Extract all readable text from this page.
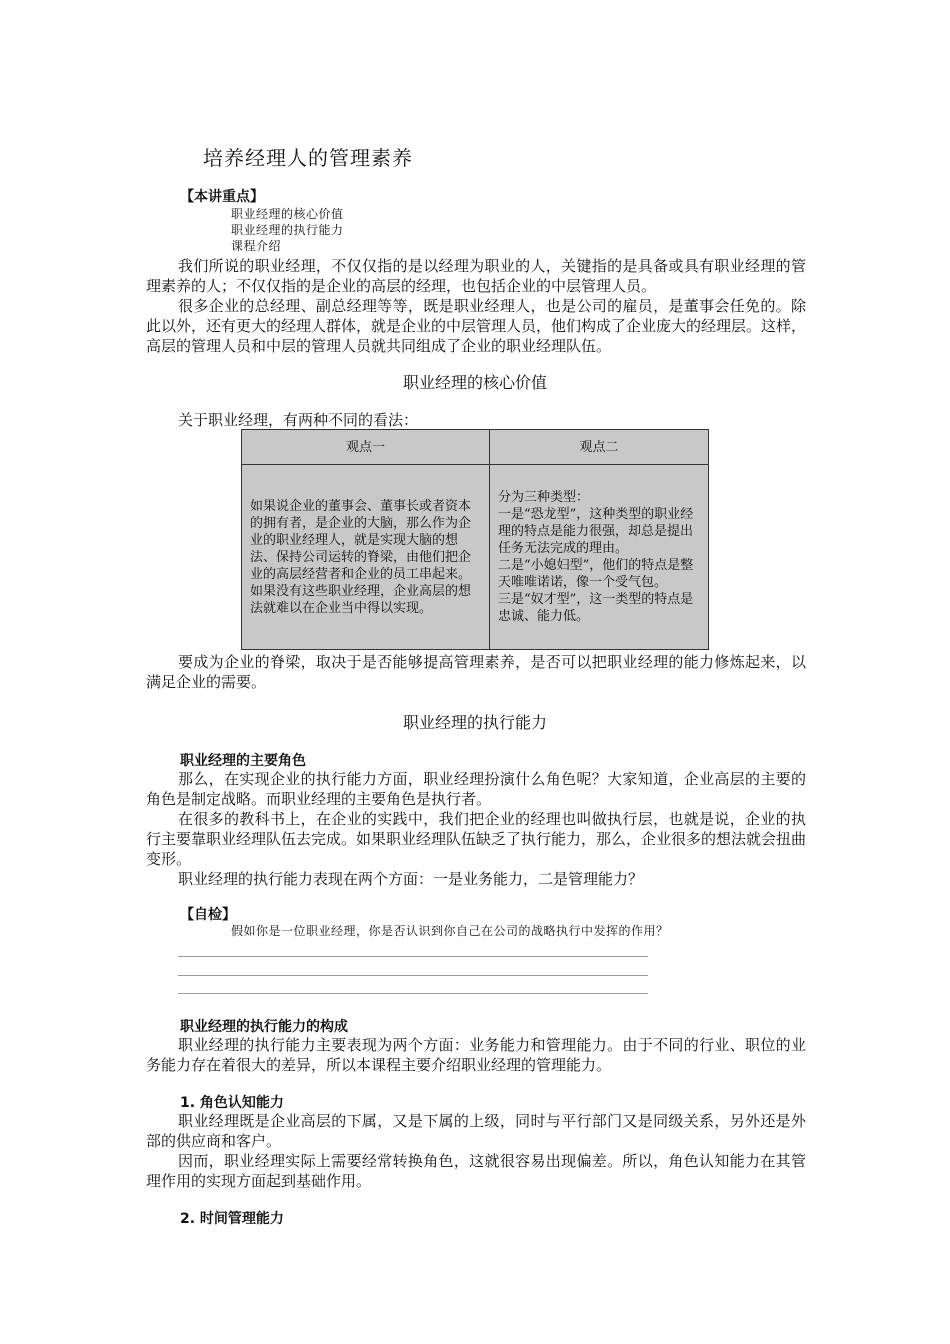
培养经理人的管理素养
【本讲重点】
职业经理的核心价值
职业经理的执行能力
课程介绍

我们所说的职业经理，不仅仅指的是以经理为职业的人，关键指的是具备或具有职业经理的管理素养的人；不仅仅指的是企业的高层的经理，也包括企业的中层管理人员。

很多企业的总经理、副总经理等等，既是职业经理人，也是公司的雇员，是董事会任免的。除此以外，还有更大的经理人群体，就是企业的中层管理人员，他们构成了企业庞大的经理层。这样，高层的管理人员和中层的管理人员就共同组成了企业的职业经理队伍。

职业经理的核心价值

关于职业经理，有两种不同的看法：

观点一	观点二
如果说企业的董事会、董事长或者资本的拥有者，是企业的大脑，那么作为企业的职业经理人，就是实现大脑的想法、保持公司运转的脊梁，由他们把企业的高层经营者和企业的员工串起来。如果没有这些职业经理，企业高层的想法就难以在企业当中得以实现。	分为三种类型：
一是“恐龙型”，这种类型的职业经理的特点是能力很强，却总是提出任务无法完成的理由。
二是“小媳妇型”，他们的特点是整天唯唯诺诺，像一个受气包。
三是“奴才型”，这一类型的特点是忠诚、能力低。

要成为企业的脊梁，取决于是否能够提高管理素养，是否可以把职业经理的能力修炼起来，以满足企业的需要。

职业经理的执行能力
职业经理的主要角色

那么，在实现企业的执行能力方面，职业经理扮演什么角色呢？大家知道，企业高层的主要的角色是制定战略。而职业经理的主要角色是执行者。

在很多的教科书上，在企业的实践中，我们把企业的经理也叫做执行层，也就是说，企业的执行主要靠职业经理队伍去完成。如果职业经理队伍缺乏了执行能力，那么，企业很多的想法就会扭曲变形。

职业经理的执行能力表现在两个方面：一是业务能力，二是管理能力？

【自检】
假如你是一位职业经理，你是否认识到你自己在公司的战略执行中发挥的作用？
职业经理的执行能力的构成

职业经理的执行能力主要表现为两个方面：业务能力和管理能力。由于不同的行业、职位的业务能力存在着很大的差异，所以本课程主要介绍职业经理的管理能力。

1. 角色认知能力

职业经理既是企业高层的下属，又是下属的上级，同时与平行部门又是同级关系，另外还是外部的供应商和客户。

因而，职业经理实际上需要经常转换角色，这就很容易出现偏差。所以，角色认知能力在其管理作用的实现方面起到基础作用。

2. 时间管理能力
